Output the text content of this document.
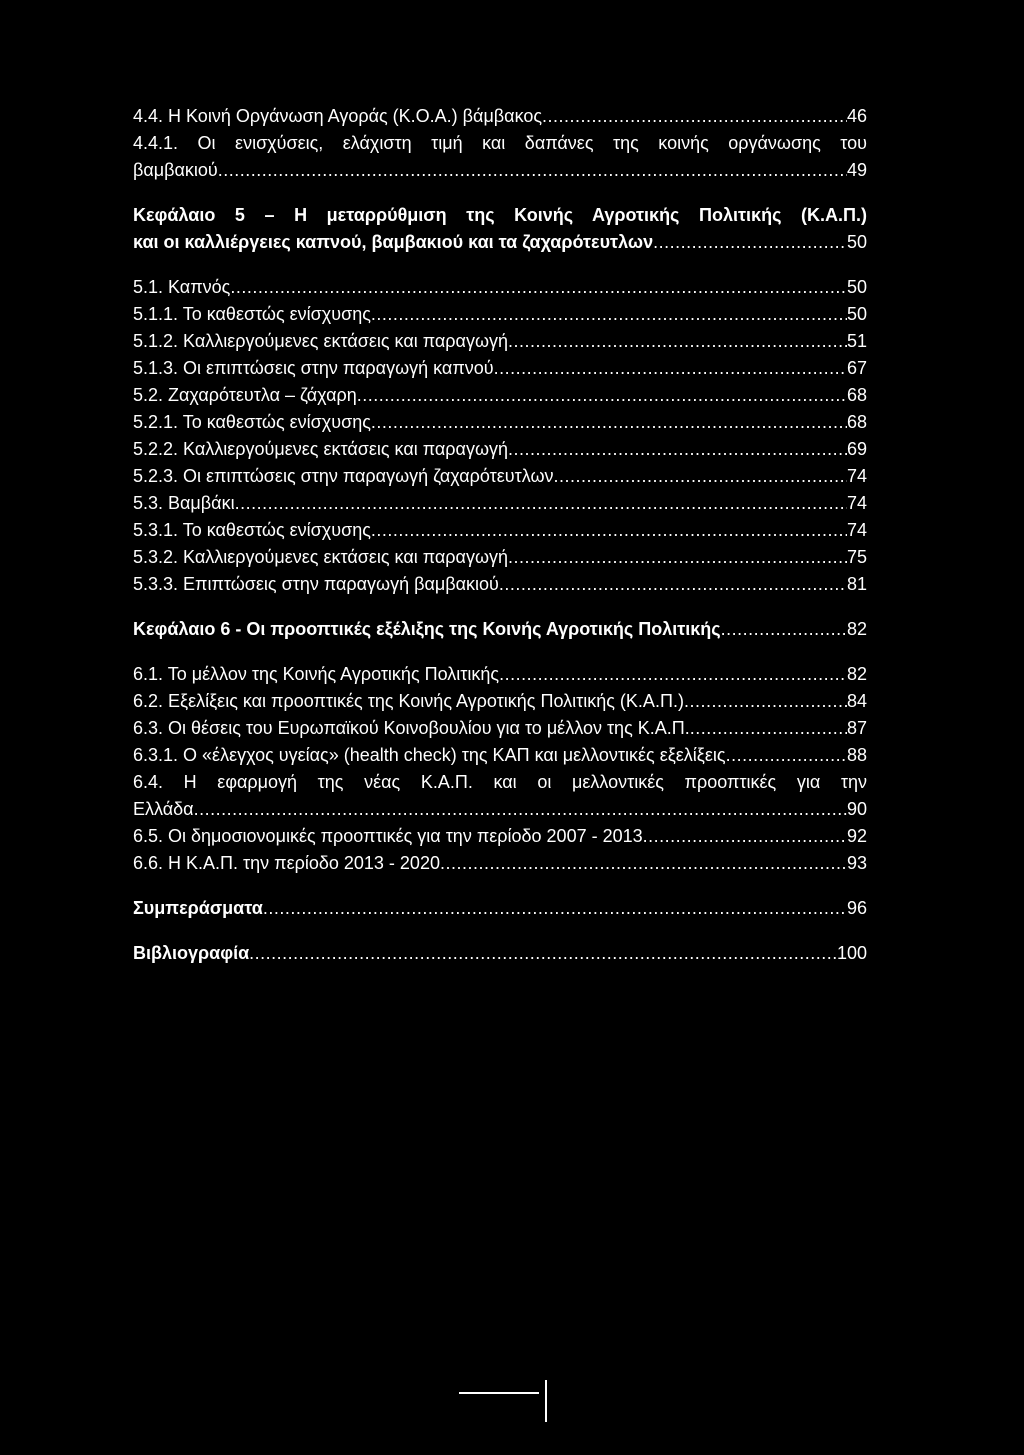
4.4. Η Κοινή Οργάνωση Αγοράς (Κ.Ο.Α.) βάμβακος .....	46
4.4.1. Οι ενισχύσεις, ελάχιστη τιμή και δαπάνες της κοινής οργάνωσης του
βαμβακιού .....	49
Κεφάλαιο 5 – Η μεταρρύθμιση της Κοινής Αγροτικής Πολιτικής (Κ.Α.Π.)
και οι καλλιέργειες καπνού, βαμβακιού και τα ζαχαρότευτλων .....	50
5.1. Καπνός .....	50
5.1.1. Το καθεστώς ενίσχυσης .....	50
5.1.2. Καλλιεργούμενες εκτάσεις και παραγωγή .....	51
5.1.3. Οι επιπτώσεις στην παραγωγή καπνού .....	67
5.2. Ζαχαρότευτλα – ζάχαρη .....	68
5.2.1. Το καθεστώς ενίσχυσης .....	68
5.2.2. Καλλιεργούμενες εκτάσεις και παραγωγή .....	69
5.2.3. Οι επιπτώσεις στην παραγωγή ζαχαρότευτλων .....	74
5.3. Βαμβάκι .....	74
5.3.1. Το καθεστώς ενίσχυσης .....	74
5.3.2. Καλλιεργούμενες εκτάσεις και παραγωγή .....	75
5.3.3. Επιπτώσεις στην παραγωγή βαμβακιού .....	81
Κεφάλαιο 6 - Οι προοπτικές εξέλιξης της Κοινής Αγροτικής Πολιτικής .....	82
6.1. Το μέλλον της Κοινής Αγροτικής Πολιτικής .....	82
6.2. Εξελίξεις και προοπτικές της Κοινής Αγροτικής Πολιτικής (Κ.Α.Π.) .....	84
6.3. Οι θέσεις του Ευρωπαϊκού Κοινοβουλίου για το μέλλον της Κ.Α.Π. .....	87
6.3.1. Ο «έλεγχος υγείας» (health check) της ΚΑΠ και μελλοντικές εξελίξεις .....	88
6.4. Η εφαρμογή της νέας Κ.Α.Π. και οι μελλοντικές προοπτικές για την
Ελλάδα .....	90
6.5. Οι δημοσιονομικές προοπτικές για την περίοδο 2007 - 2013 .....	92
6.6. Η Κ.Α.Π. την περίοδο 2013 - 2020 .....	93
Συμπεράσματα .....	96
Βιβλιογραφία .....	100
